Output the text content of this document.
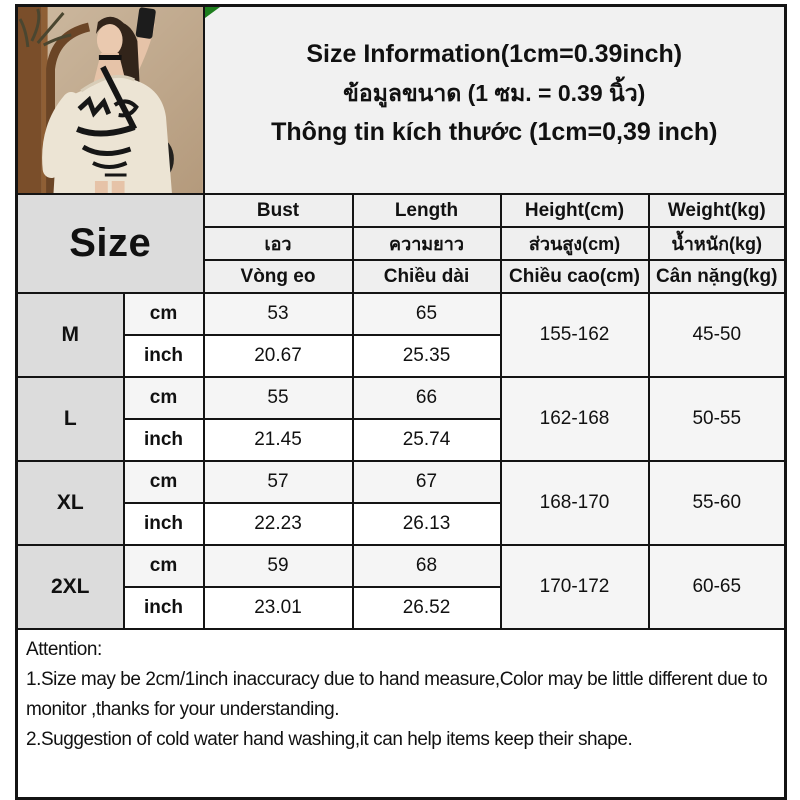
Size Information(1cm=0.39inch)
ข้อมูลขนาด (1 ซม. = 0.39 นิ้ว)
Thông tin kích thước (1cm=0,39 inch)			

Size		Bust	Length	Height(cm)	Weight(kg)
		เอว	ความยาว	ส่วนสูง(cm)	น้ำหนัก(kg)
		Vòng eo	Chiều dài	Chiều cao(cm)	Cân nặng(kg)
M	cm	53	65	155-162	45-50
	inch	20.67	25.35		
L	cm	55	66	162-168	50-55
	inch	21.45	25.74		
XL	cm	57	67	168-170	55-60
	inch	22.23	26.13		
2XL	cm	59	68	170-172	60-65
	inch	23.01	26.52		

Attention:
1.Size may be 2cm/1inch inaccuracy due to hand measure,Color may be little different due to monitor ,thanks for your understanding.
2.Suggestion of cold water hand washing,it can help items keep their shape.					
